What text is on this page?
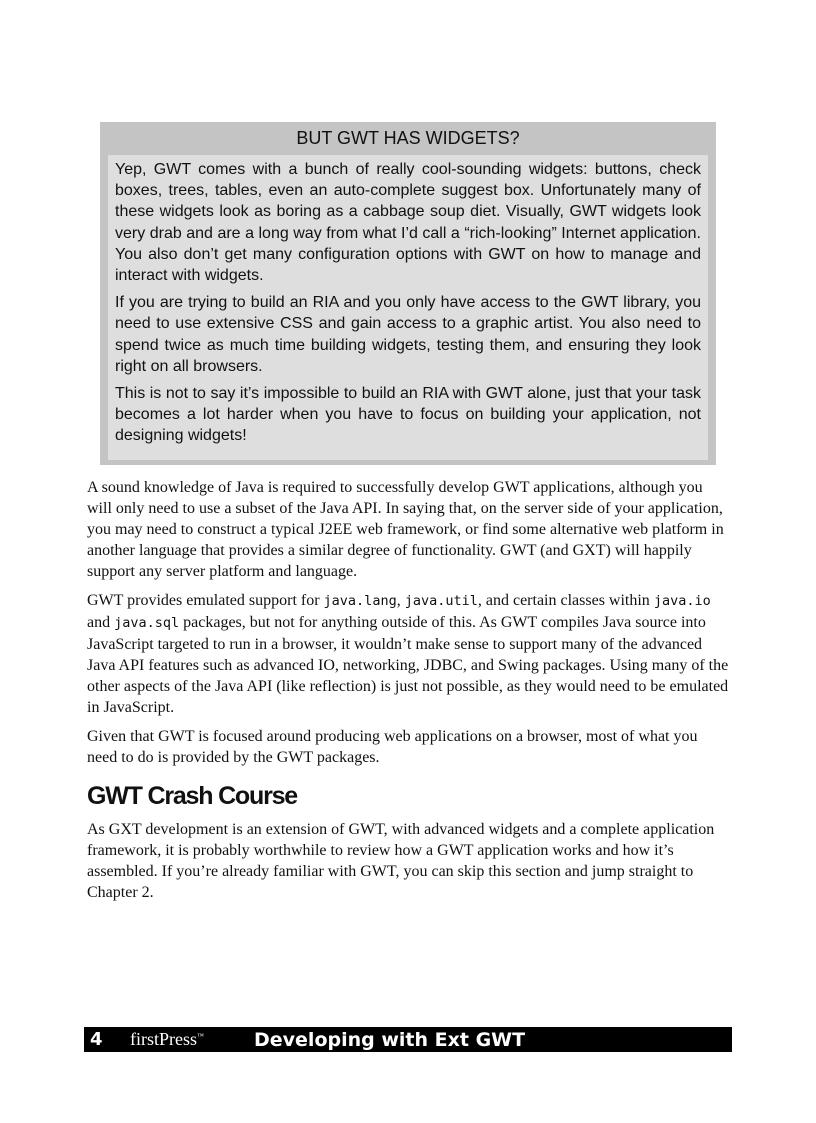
BUT GWT HAS WIDGETS?

Yep, GWT comes with a bunch of really cool-sounding widgets: buttons, check boxes, trees, tables, even an auto-complete suggest box. Unfortunately many of these widgets look as boring as a cabbage soup diet. Visually, GWT widgets look very drab and are a long way from what I’d call a “rich-looking” Internet application. You also don’t get many configuration options with GWT on how to manage and interact with widgets.

If you are trying to build an RIA and you only have access to the GWT library, you need to use extensive CSS and gain access to a graphic artist. You also need to spend twice as much time building widgets, testing them, and ensuring they look right on all browsers.

This is not to say it’s impossible to build an RIA with GWT alone, just that your task becomes a lot harder when you have to focus on building your application, not designing widgets!

A sound knowledge of Java is required to successfully develop GWT applications, although you will only need to use a subset of the Java API. In saying that, on the server side of your application, you may need to construct a typical J2EE web framework, or find some alternative web platform in another language that provides a similar degree of functionality. GWT (and GXT) will happily support any server platform and language.

GWT provides emulated support for java.lang, java.util, and certain classes within java.io and java.sql packages, but not for anything outside of this. As GWT compiles Java source into JavaScript targeted to run in a browser, it wouldn’t make sense to support many of the advanced Java API features such as advanced IO, networking, JDBC, and Swing packages. Using many of the other aspects of the Java API (like reflection) is just not possible, as they would need to be emulated in JavaScript.

Given that GWT is focused around producing web applications on a browser, most of what you need to do is provided by the GWT packages.

GWT Crash Course

As GXT development is an extension of GWT, with advanced widgets and a complete application framework, it is probably worthwhile to review how a GWT application works and how it’s assembled. If you’re already familiar with GWT, you can skip this section and jump straight to Chapter 2.

4	firstPress™	Developing with Ext GWT
